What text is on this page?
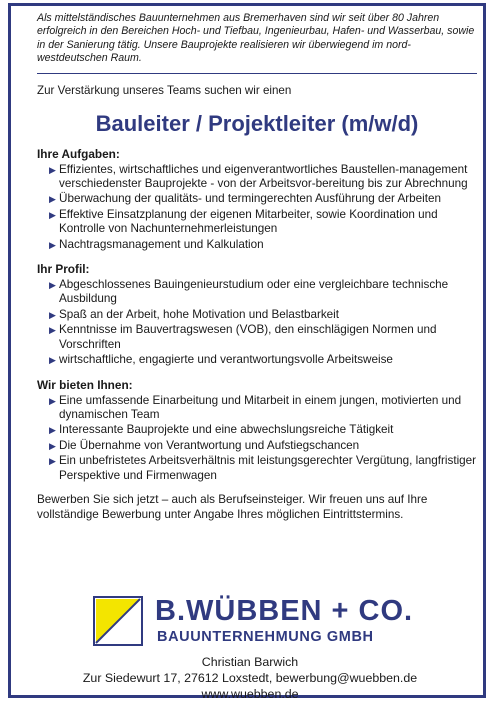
Als mittelständisches Bauunternehmen aus Bremerhaven sind wir seit über 80 Jahren erfolgreich in den Bereichen Hoch- und Tiefbau, Ingenieurbau, Hafen- und Wasserbau, sowie in der Sanierung tätig. Unsere Bauprojekte realisieren wir überwiegend im nord-westdeutschen Raum.

Zur Verstärkung unseres Teams suchen wir einen

Bauleiter / Projektleiter (m/w/d)
Ihre Aufgaben:
▶ Effizientes, wirtschaftliches und eigenverantwortliches Baustellen-management verschiedenster Bauprojekte - von der Arbeitsvor-bereitung bis zur Abrechnung
▶ Überwachung der qualitäts- und termingerechten Ausführung der Arbeiten
▶ Effektive Einsatzplanung der eigenen Mitarbeiter, sowie Koordination und Kontrolle von Nachunternehmerleistungen
▶ Nachtragsmanagement und Kalkulation
Ihr Profil:
▶ Abgeschlossenes Bauingenieurstudium oder eine vergleichbare technische Ausbildung
▶ Spaß an der Arbeit, hohe Motivation und Belastbarkeit
▶ Kenntnisse im Bauvertragswesen (VOB), den einschlägigen Normen und Vorschriften
▶ wirtschaftliche, engagierte und verantwortungsvolle Arbeitsweise
Wir bieten Ihnen:
▶ Eine umfassende Einarbeitung und Mitarbeit in einem jungen, motivierten und dynamischen Team
▶ Interessante Bauprojekte und eine abwechslungsreiche Tätigkeit
▶ Die Übernahme von Verantwortung und Aufstiegschancen
▶ Ein unbefristetes Arbeitsverhältnis mit leistungsgerechter Vergütung, langfristiger Perspektive und Firmenwagen

Bewerben Sie sich jetzt – auch als Berufseinsteiger. Wir freuen uns auf Ihre vollständige Bewerbung unter Angabe Ihres möglichen Eintrittstermins.

B.WÜBBEN + CO.
BAUUNTERNEHMUNG GMBH
Christian Barwich
Zur Siedewurt 17, 27612 Loxstedt, bewerbung@wuebben.de
www.wuebben.de
